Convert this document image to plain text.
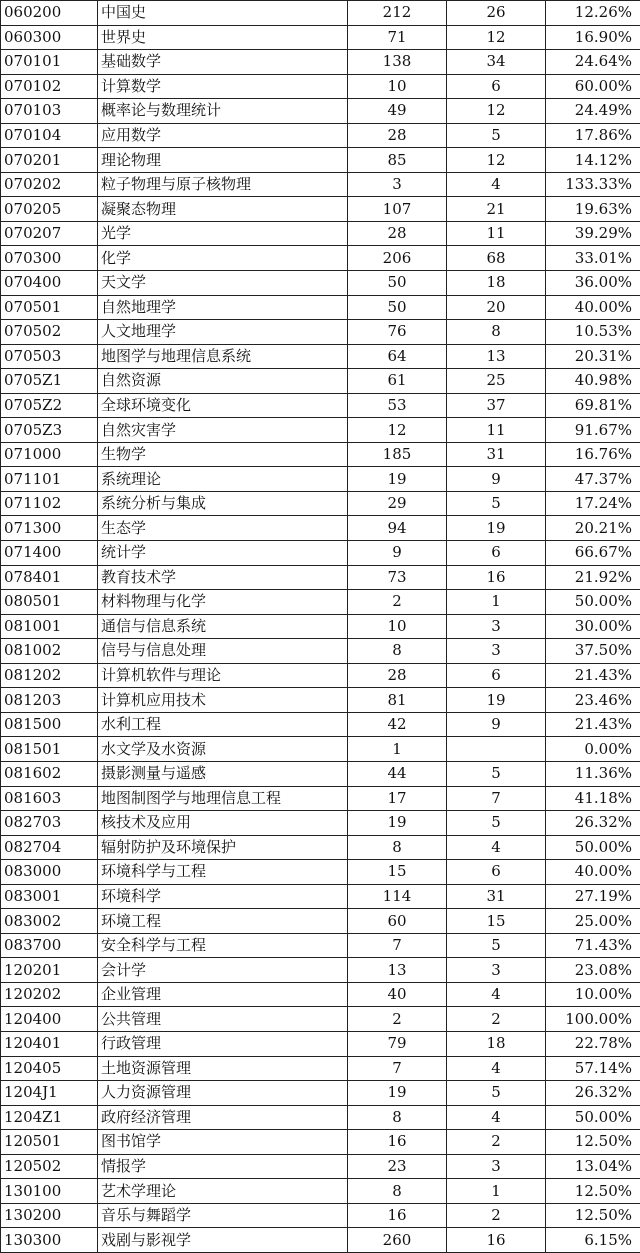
060200	中国史	212	26	12.26%
060300	世界史	71	12	16.90%
070101	基础数学	138	34	24.64%
070102	计算数学	10	6	60.00%
070103	概率论与数理统计	49	12	24.49%
070104	应用数学	28	5	17.86%
070201	理论物理	85	12	14.12%
070202	粒子物理与原子核物理	3	4	133.33%
070205	凝聚态物理	107	21	19.63%
070207	光学	28	11	39.29%
070300	化学	206	68	33.01%
070400	天文学	50	18	36.00%
070501	自然地理学	50	20	40.00%
070502	人文地理学	76	8	10.53%
070503	地图学与地理信息系统	64	13	20.31%
0705Z1	自然资源	61	25	40.98%
0705Z2	全球环境变化	53	37	69.81%
0705Z3	自然灾害学	12	11	91.67%
071000	生物学	185	31	16.76%
071101	系统理论	19	9	47.37%
071102	系统分析与集成	29	5	17.24%
071300	生态学	94	19	20.21%
071400	统计学	9	6	66.67%
078401	教育技术学	73	16	21.92%
080501	材料物理与化学	2	1	50.00%
081001	通信与信息系统	10	3	30.00%
081002	信号与信息处理	8	3	37.50%
081202	计算机软件与理论	28	6	21.43%
081203	计算机应用技术	81	19	23.46%
081500	水利工程	42	9	21.43%
081501	水文学及水资源	1		0.00%
081602	摄影测量与遥感	44	5	11.36%
081603	地图制图学与地理信息工程	17	7	41.18%
082703	核技术及应用	19	5	26.32%
082704	辐射防护及环境保护	8	4	50.00%
083000	环境科学与工程	15	6	40.00%
083001	环境科学	114	31	27.19%
083002	环境工程	60	15	25.00%
083700	安全科学与工程	7	5	71.43%
120201	会计学	13	3	23.08%
120202	企业管理	40	4	10.00%
120400	公共管理	2	2	100.00%
120401	行政管理	79	18	22.78%
120405	土地资源管理	7	4	57.14%
1204J1	人力资源管理	19	5	26.32%
1204Z1	政府经济管理	8	4	50.00%
120501	图书馆学	16	2	12.50%
120502	情报学	23	3	13.04%
130100	艺术学理论	8	1	12.50%
130200	音乐与舞蹈学	16	2	12.50%
130300	戏剧与影视学	260	16	6.15%
